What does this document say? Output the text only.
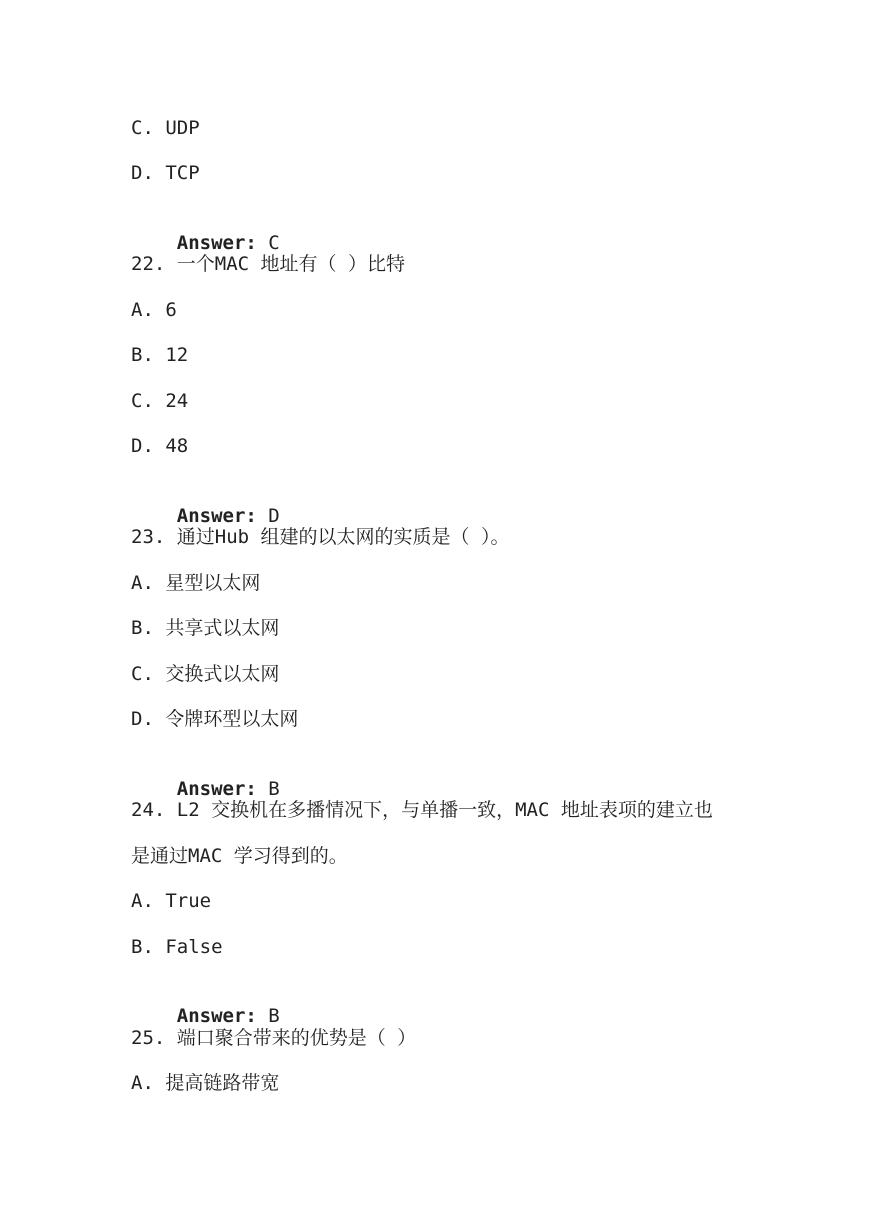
C. UDP
D. TCP

Answer: C

22. 一个MAC 地址有（ ）比特
A. 6
B. 12
C. 24
D. 48

Answer: D

23. 通过Hub 组建的以太网的实质是（ ）。
A. 星型以太网
B. 共享式以太网
C. 交换式以太网
D. 令牌环型以太网

Answer: B

24. L2 交换机在多播情况下，与单播一致，MAC 地址表项的建立也
是通过MAC 学习得到的。
A. True
B. False

Answer: B

25. 端口聚合带来的优势是（ ）
A. 提高链路带宽
